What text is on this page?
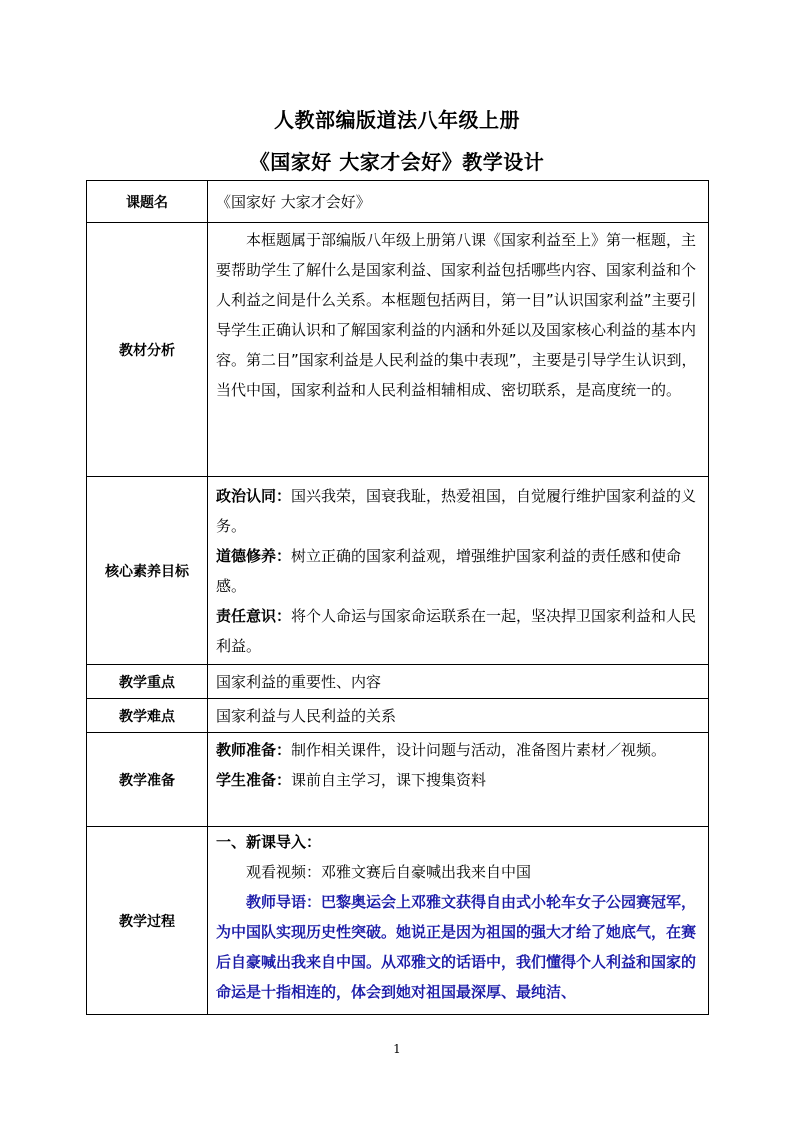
人教部编版道法八年级上册
《国家好 大家才会好》教学设计
课题名	《国家好 大家才会好》
教材分析	本框题属于部编版八年级上册第八课《国家利益至上》第一框题，主要帮助学生了解什么是国家利益、国家利益包括哪些内容、国家利益和个人利益之间是什么关系。本框题包括两目，第一目”认识国家利益”主要引导学生正确认识和了解国家利益的内涵和外延以及国家核心利益的基本内容。第二目”国家利益是人民利益的集中表现”，主要是引导学生认识到，当代中国，国家利益和人民利益相辅相成、密切联系，是高度统一的。

核心素养目标	政治认同：国兴我荣，国衰我耻，热爱祖国，自觉履行维护国家利益的义务。
道德修养：树立正确的国家利益观，增强维护国家利益的责任感和使命感。
责任意识：将个人命运与国家命运联系在一起，坚决捍卫国家利益和人民利益。

教学重点	国家利益的重要性、内容
教学难点	国家利益与人民利益的关系
教学准备	教师准备：制作相关课件，设计问题与活动，准备图片素材／视频。
学生准备：课前自主学习，课下搜集资料

教学过程	一、新课导入：
观看视频：邓雅文赛后自豪喊出我来自中国
教师导语：巴黎奥运会上邓雅文获得自由式小轮车女子公园赛冠军，为中国队实现历史性突破。她说正是因为祖国的强大才给了她底气，在赛后自豪喊出我来自中国。从邓雅文的话语中，我们懂得个人利益和国家的命运是十指相连的，体会到她对祖国最深厚、最纯洁、
1
